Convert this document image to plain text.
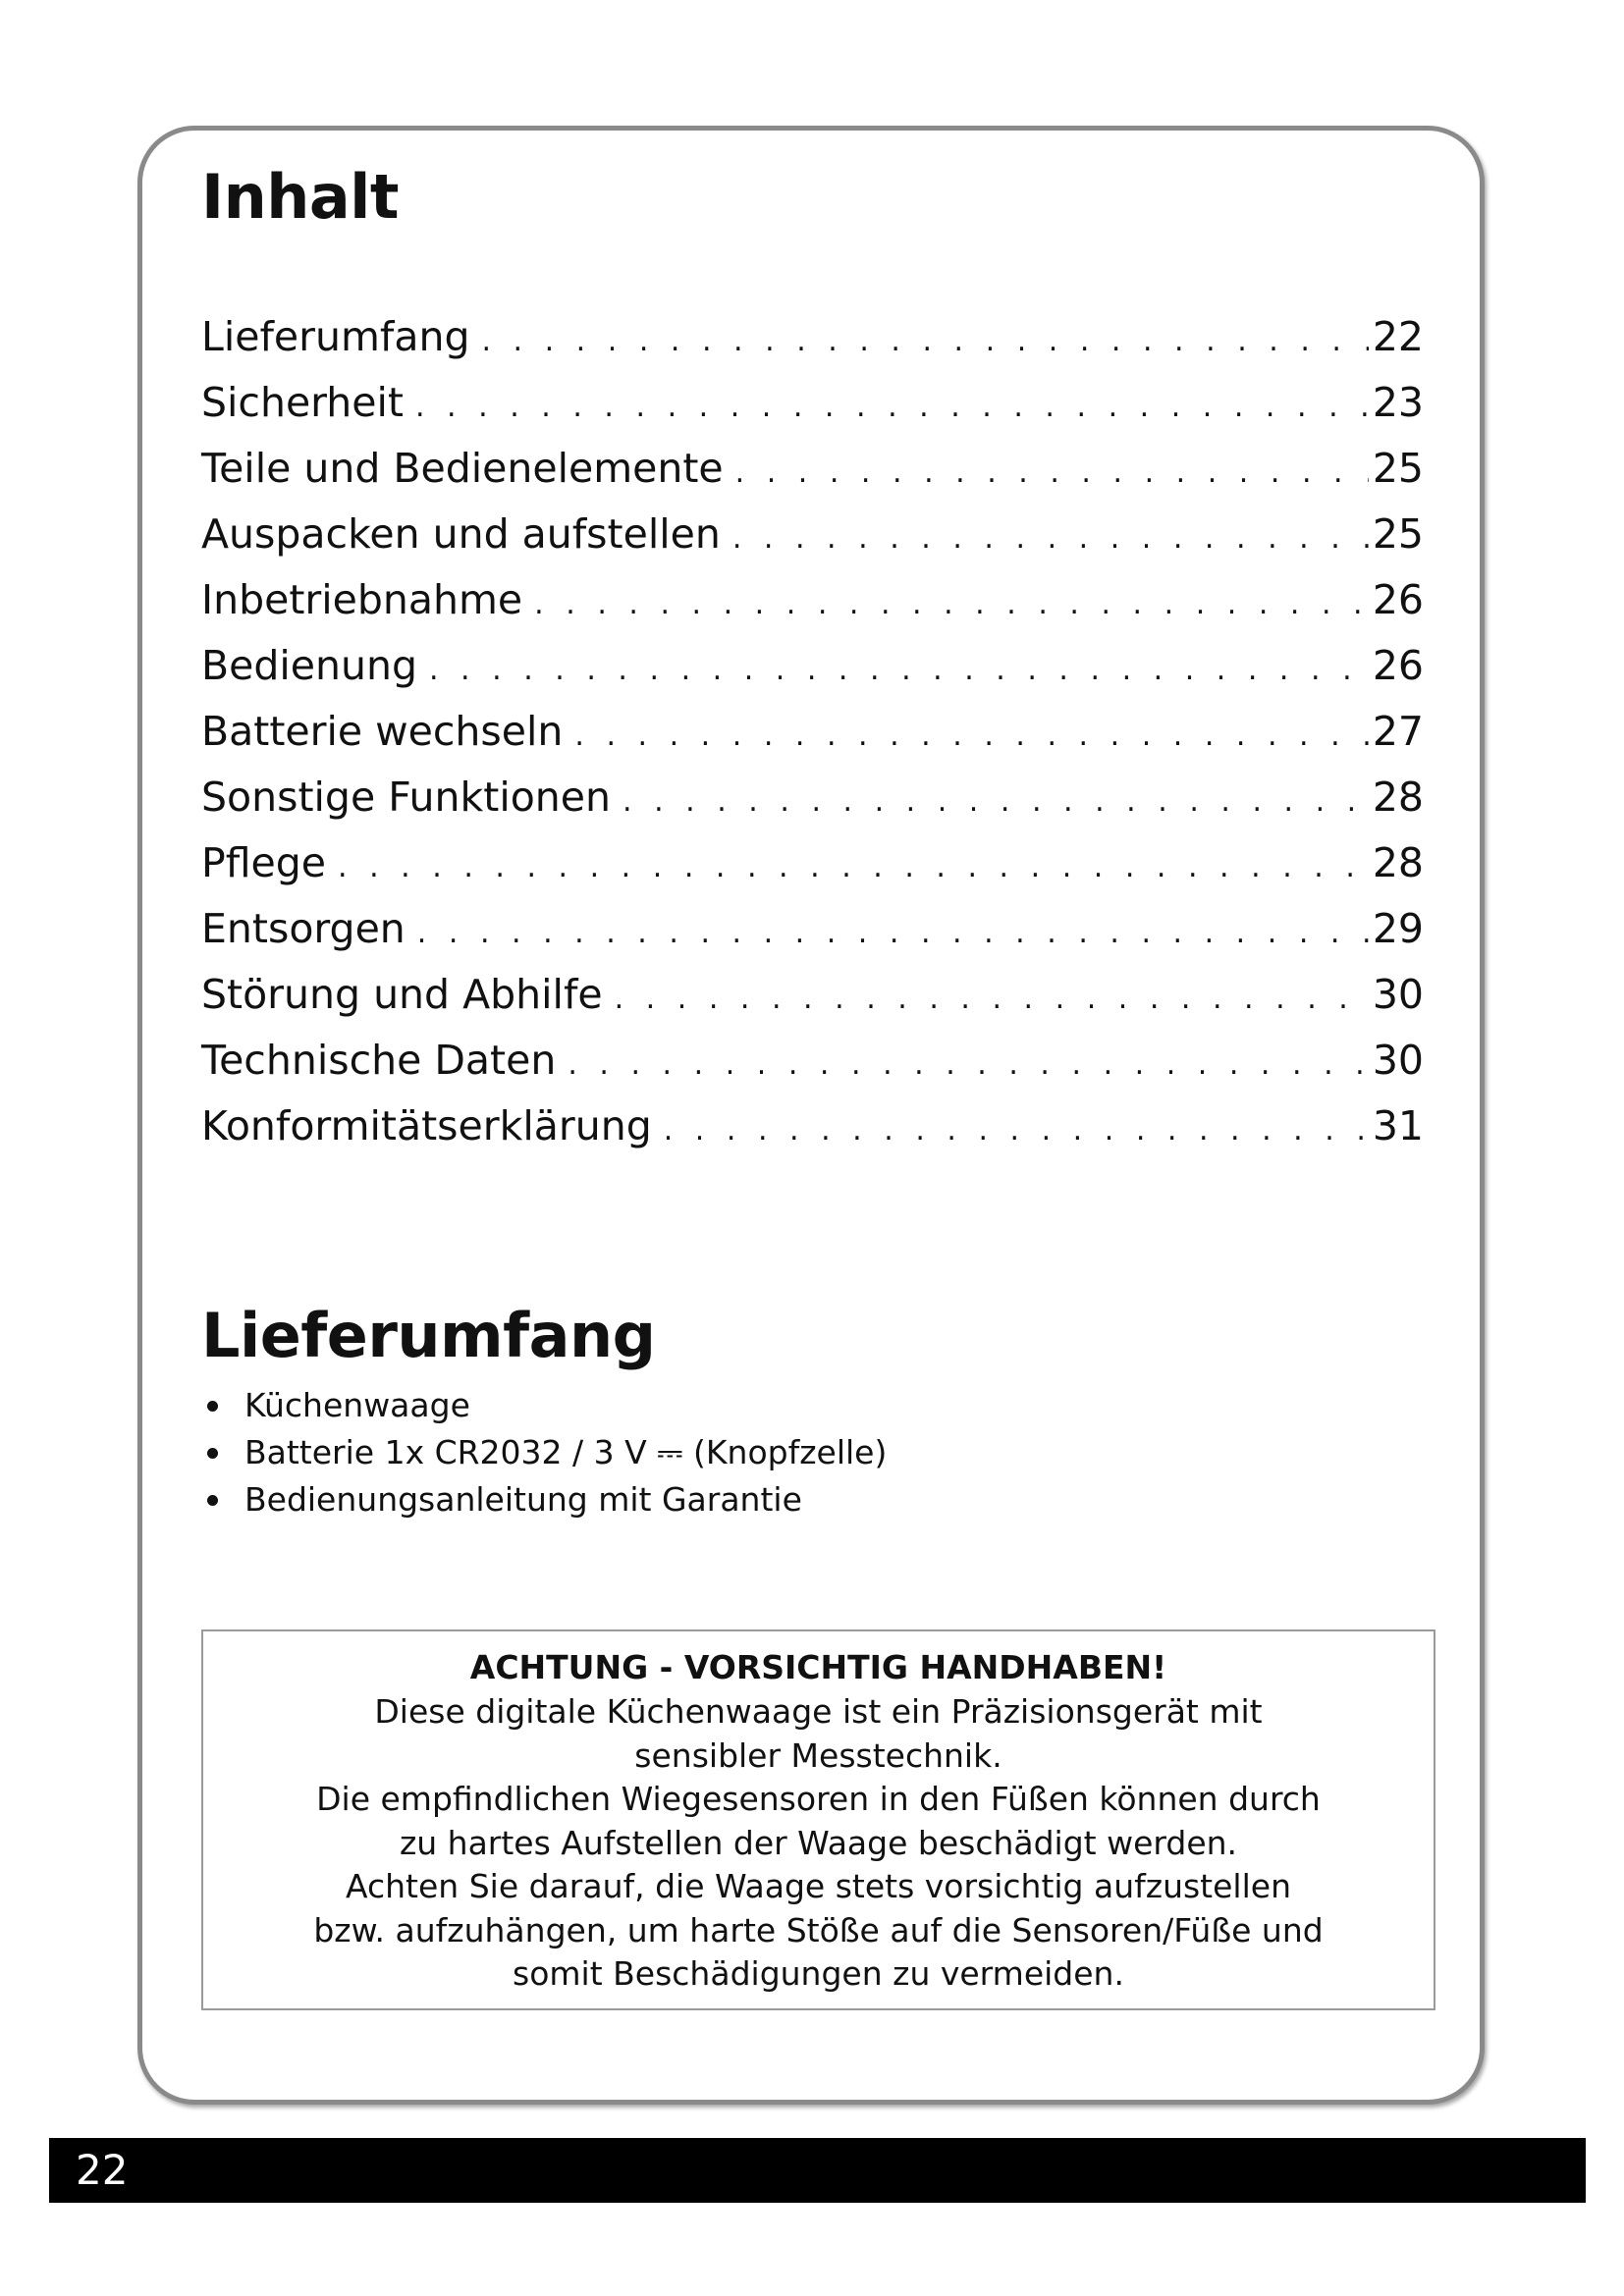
Inhalt
Lieferumfang . . .	22
Sicherheit . . .	23
Teile und Bedienelemente . . .	25
Auspacken und aufstellen . . .	25
Inbetriebnahme . . .	26
Bedienung . . .	26
Batterie wechseln . . .	27
Sonstige Funktionen . . .	28
Pflege . . .	28
Entsorgen . . .	29
Störung und Abhilfe . . .	30
Technische Daten . . .	30
Konformitätserklärung . . .	31
Lieferumfang
Küchenwaage
Batterie 1x CR2032 / 3 V ⎓ (Knopfzelle)
Bedienungsanleitung mit Garantie
ACHTUNG - VORSICHTIG HANDHABEN!
Diese digitale Küchenwaage ist ein Präzisionsgerät mit
sensibler Messtechnik.
Die empfindlichen Wiegesensoren in den Füßen können durch
zu hartes Aufstellen der Waage beschädigt werden.
Achten Sie darauf, die Waage stets vorsichtig aufzustellen
bzw. aufzuhängen, um harte Stöße auf die Sensoren/Füße und
somit Beschädigungen zu vermeiden.
22
